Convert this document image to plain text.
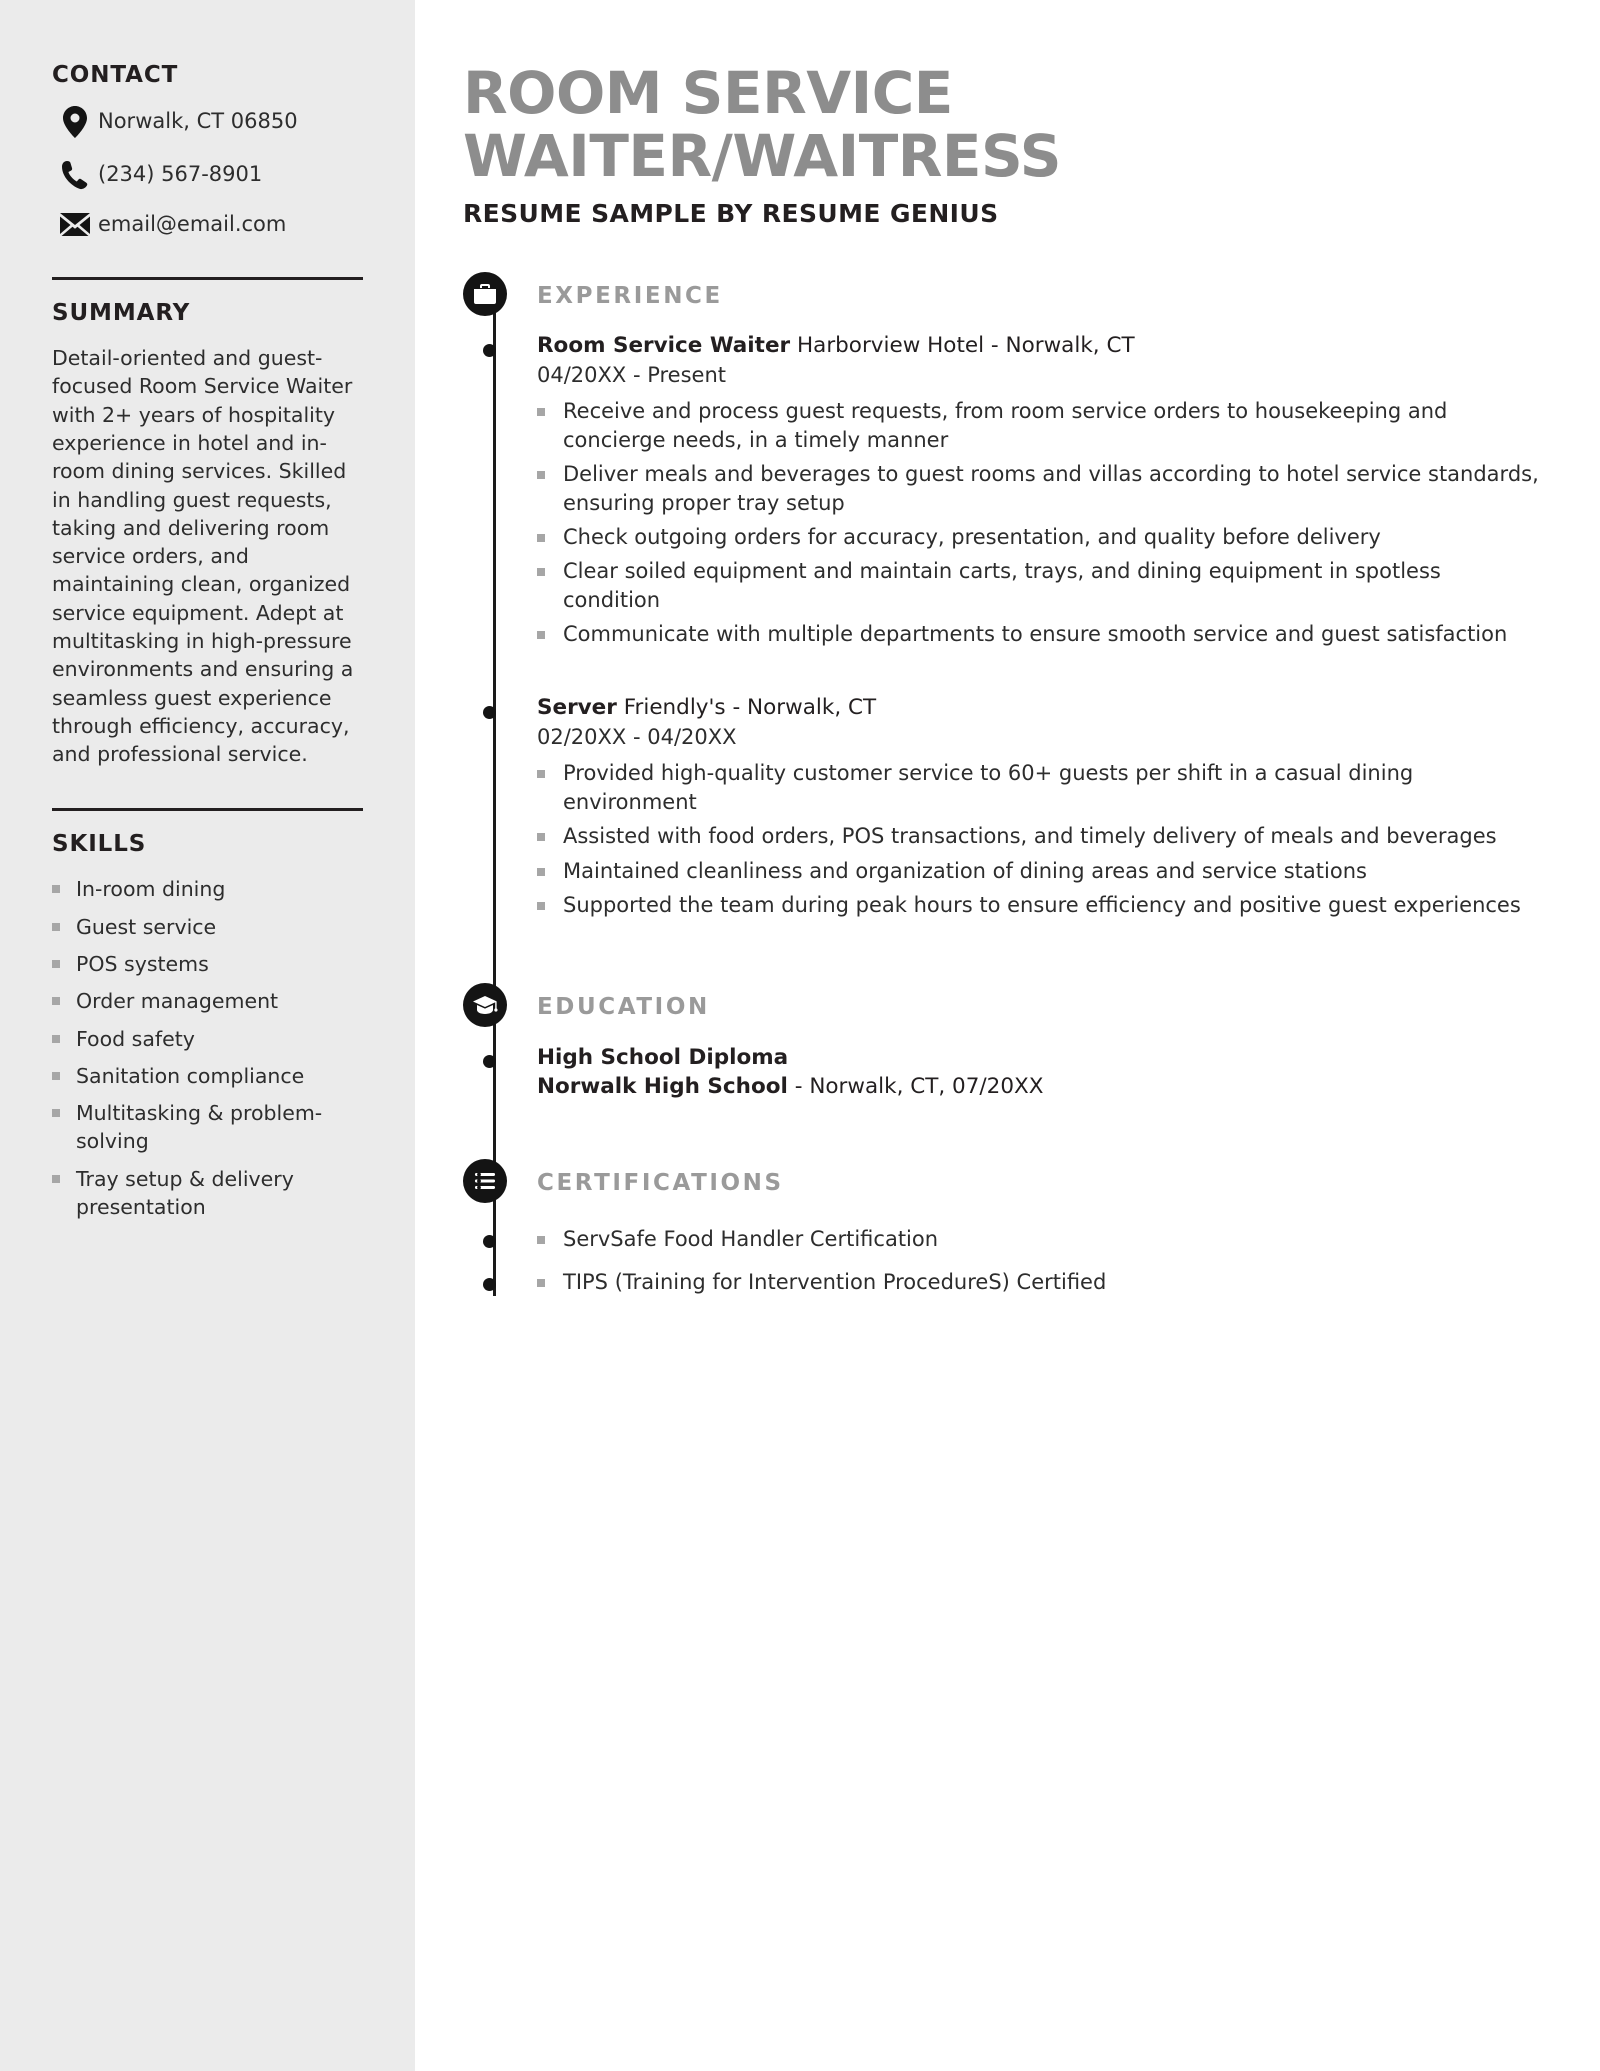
CONTACT
Norwalk, CT 06850
(234) 567-8901
email@email.com
SUMMARY

Detail-oriented and guest-focused Room Service Waiter with 2+ years of hospitality experience in hotel and in-room dining services. Skilled in handling guest requests, taking and delivering room service orders, and maintaining clean, organized service equipment. Adept at multitasking in high-pressure environments and ensuring a seamless guest experience through efficiency, accuracy, and professional service.

SKILLS
In-room dining
Guest service
POS systems
Order management
Food safety
Sanitation compliance
Multitasking & problem-solving
Tray setup & delivery presentation
ROOM SERVICE WAITER/WAITRESS
RESUME SAMPLE BY RESUME GENIUS
EXPERIENCE
Room Service Waiter Harborview Hotel - Norwalk, CT
04/20XX - Present
Receive and process guest requests, from room service orders to housekeeping and concierge needs, in a timely manner
Deliver meals and beverages to guest rooms and villas according to hotel service standards, ensuring proper tray setup
Check outgoing orders for accuracy, presentation, and quality before delivery
Clear soiled equipment and maintain carts, trays, and dining equipment in spotless condition
Communicate with multiple departments to ensure smooth service and guest satisfaction
Server Friendly's - Norwalk, CT
02/20XX - 04/20XX
Provided high-quality customer service to 60+ guests per shift in a casual dining environment
Assisted with food orders, POS transactions, and timely delivery of meals and beverages
Maintained cleanliness and organization of dining areas and service stations
Supported the team during peak hours to ensure efficiency and positive guest experiences
EDUCATION
High School Diploma
Norwalk High School - Norwalk, CT, 07/20XX
CERTIFICATIONS
ServSafe Food Handler Certification
TIPS (Training for Intervention ProcedureS) Certified
